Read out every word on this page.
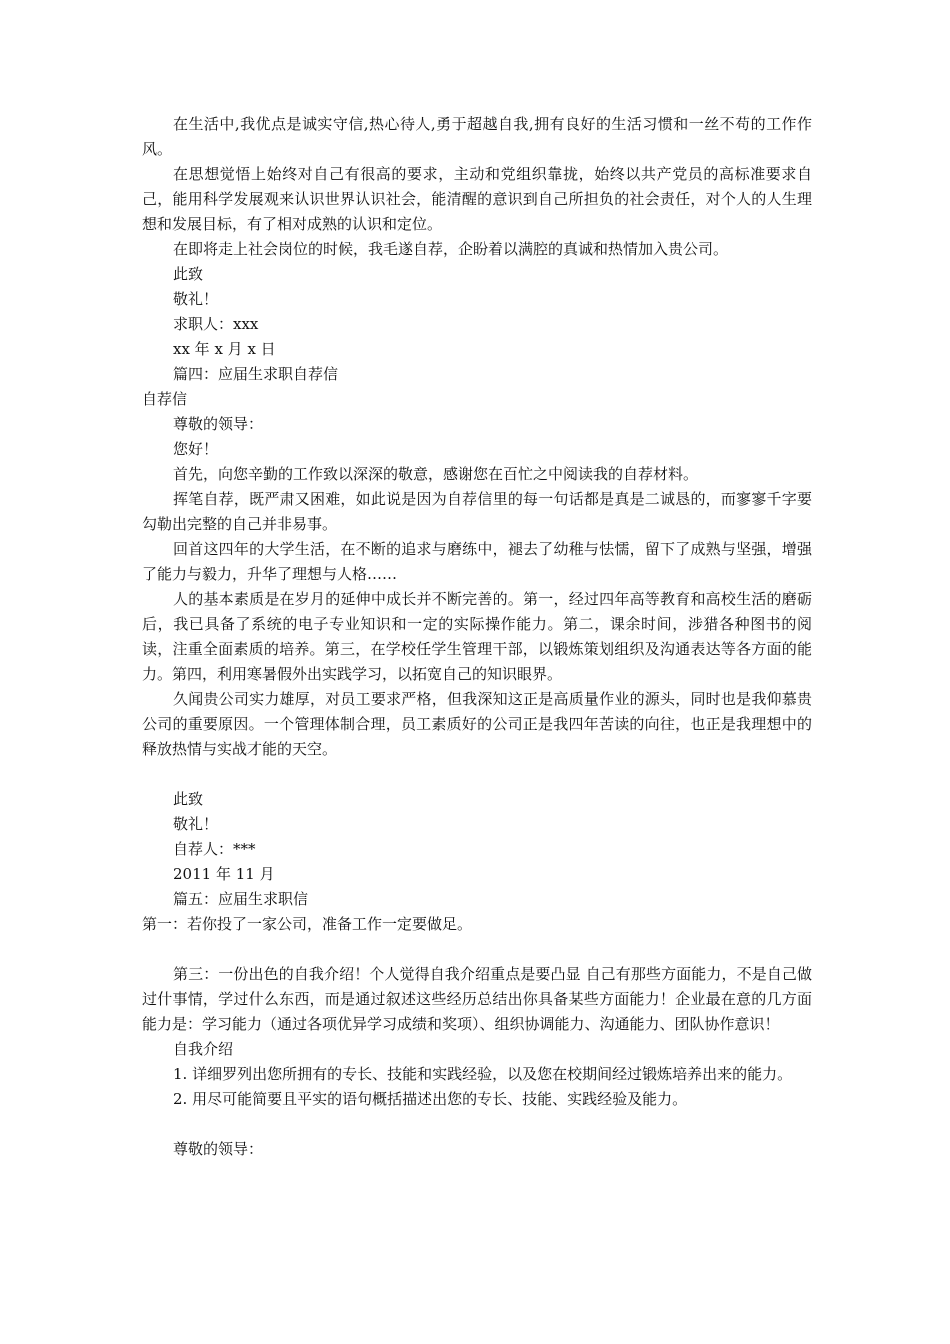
在生活中,我优点是诚实守信,热心待人,勇于超越自我,拥有良好的生活习惯和一丝不苟的工作作风。

在思想觉悟上始终对自己有很高的要求，主动和党组织靠拢，始终以共产党员的高标准要求自己，能用科学发展观来认识世界认识社会，能清醒的意识到自己所担负的社会责任，对个人的人生理想和发展目标，有了相对成熟的认识和定位。

在即将走上社会岗位的时候，我毛遂自荐，企盼着以满腔的真诚和热情加入贵公司。

此致

敬礼！

求职人：xxx

xx 年 x 月 x 日

篇四：应届生求职自荐信

自荐信

尊敬的领导：

您好！

首先，向您辛勤的工作致以深深的敬意，感谢您在百忙之中阅读我的自荐材料。

挥笔自荐，既严肃又困难，如此说是因为自荐信里的每一句话都是真是二诚恳的，而寥寥千字要勾勒出完整的自己并非易事。

回首这四年的大学生活，在不断的追求与磨练中，褪去了幼稚与怯懦，留下了成熟与坚强，增强了能力与毅力，升华了理想与人格……

人的基本素质是在岁月的延伸中成长并不断完善的。第一，经过四年高等教育和高校生活的磨砺后，我已具备了系统的电子专业知识和一定的实际操作能力。第二，课余时间，涉猎各种图书的阅读，注重全面素质的培养。第三，在学校任学生管理干部，以锻炼策划组织及沟通表达等各方面的能力。第四，利用寒暑假外出实践学习，以拓宽自己的知识眼界。

久闻贵公司实力雄厚，对员工要求严格，但我深知这正是高质量作业的源头，同时也是我仰慕贵公司的重要原因。一个管理体制合理，员工素质好的公司正是我四年苦读的向往，也正是我理想中的释放热情与实战才能的天空。

此致

敬礼！

自荐人：***

2011 年 11 月

篇五：应届生求职信

第一：若你投了一家公司，准备工作一定要做足。

第三：一份出色的自我介绍！个人觉得自我介绍重点是要凸显 自己有那些方面能力，不是自己做过什事情，学过什么东西，而是通过叙述这些经历总结出你具备某些方面能力！企业最在意的几方面能力是：学习能力（通过各项优异学习成绩和奖项）、组织协调能力、沟通能力、团队协作意识！

自我介绍

1. 详细罗列出您所拥有的专长、技能和实践经验，以及您在校期间经过锻炼培养出来的能力。

2. 用尽可能简要且平实的语句概括描述出您的专长、技能、实践经验及能力。

尊敬的领导：
